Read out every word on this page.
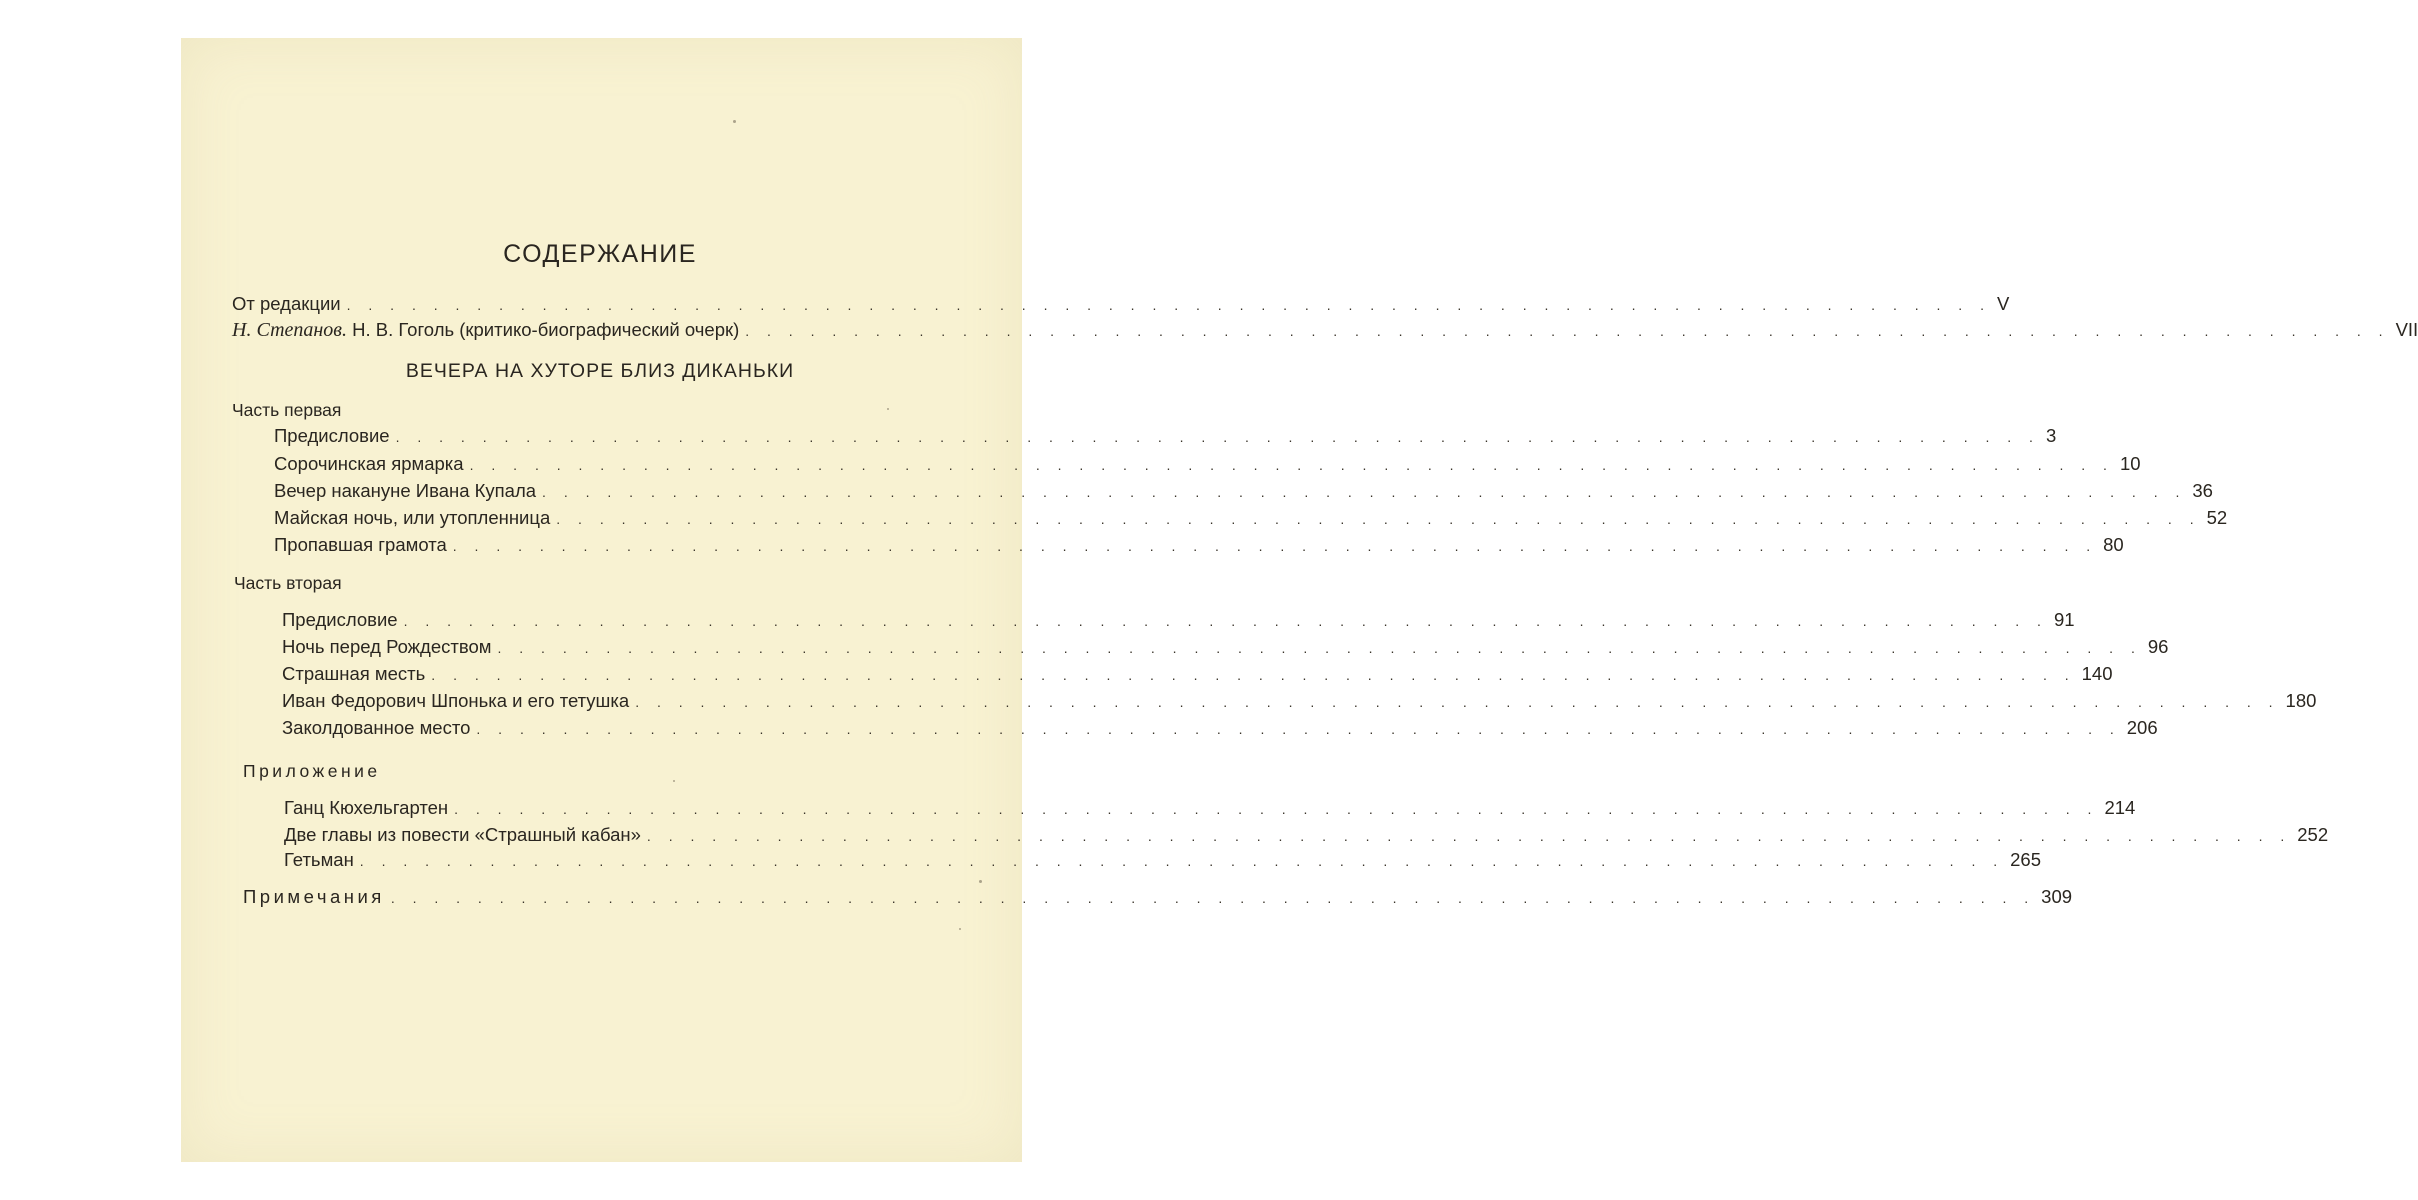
СОДЕРЖАНИЕ
От редакции . . . . . . . . . . . . . . . . . . . . . . . . . . . . . . . . . . . . . . . . . . . . . . . . . . . . . . . . . . . . . . . . . . . . . . . . . . . . V
Н. Степанов. Н. В. Гоголь (критико-биографический очерк) . . . . . . . . . . . . . . . . . . . . . . . . . . . . . . . . . . . . . . . . . . . . . . . . . . . . . . . . . . . . . . . . . . . . . . . . . . . . VII
ВЕЧЕРА НА ХУТОРЕ БЛИЗ ДИКАНЬКИ
Часть первая
Предисловие . . . . . . . . . . . . . . . . . . . . . . . . . . . . . . . . . . . . . . . . . . . . . . . . . . . . . . . . . . . . . . . . . . . . . . . . . . . . 3
Сорочинская ярмарка . . . . . . . . . . . . . . . . . . . . . . . . . . . . . . . . . . . . . . . . . . . . . . . . . . . . . . . . . . . . . . . . . . . . . . . . . . . . 10
Вечер накануне Ивана Купала . . . . . . . . . . . . . . . . . . . . . . . . . . . . . . . . . . . . . . . . . . . . . . . . . . . . . . . . . . . . . . . . . . . . . . . . . . . . 36
Майская ночь, или утопленница . . . . . . . . . . . . . . . . . . . . . . . . . . . . . . . . . . . . . . . . . . . . . . . . . . . . . . . . . . . . . . . . . . . . . . . . . . . . 52
Пропавшая грамота . . . . . . . . . . . . . . . . . . . . . . . . . . . . . . . . . . . . . . . . . . . . . . . . . . . . . . . . . . . . . . . . . . . . . . . . . . . . 80
Часть вторая
Предисловие . . . . . . . . . . . . . . . . . . . . . . . . . . . . . . . . . . . . . . . . . . . . . . . . . . . . . . . . . . . . . . . . . . . . . . . . . . . . 91
Ночь перед Рождеством . . . . . . . . . . . . . . . . . . . . . . . . . . . . . . . . . . . . . . . . . . . . . . . . . . . . . . . . . . . . . . . . . . . . . . . . . . . . 96
Страшная месть . . . . . . . . . . . . . . . . . . . . . . . . . . . . . . . . . . . . . . . . . . . . . . . . . . . . . . . . . . . . . . . . . . . . . . . . . . . . 140
Иван Федорович Шпонька и его тетушка . . . . . . . . . . . . . . . . . . . . . . . . . . . . . . . . . . . . . . . . . . . . . . . . . . . . . . . . . . . . . . . . . . . . . . . . . . . . 180
Заколдованное место . . . . . . . . . . . . . . . . . . . . . . . . . . . . . . . . . . . . . . . . . . . . . . . . . . . . . . . . . . . . . . . . . . . . . . . . . . . . 206
Приложение
Ганц Кюхельгартен . . . . . . . . . . . . . . . . . . . . . . . . . . . . . . . . . . . . . . . . . . . . . . . . . . . . . . . . . . . . . . . . . . . . . . . . . . . . 214
Две главы из повести «Страшный кабан» . . . . . . . . . . . . . . . . . . . . . . . . . . . . . . . . . . . . . . . . . . . . . . . . . . . . . . . . . . . . . . . . . . . . . . . . . . . . 252
Гетьман . . . . . . . . . . . . . . . . . . . . . . . . . . . . . . . . . . . . . . . . . . . . . . . . . . . . . . . . . . . . . . . . . . . . . . . . . . . . 265
Примечания . . . . . . . . . . . . . . . . . . . . . . . . . . . . . . . . . . . . . . . . . . . . . . . . . . . . . . . . . . . . . . . . . . . . . . . . . . . . 309
